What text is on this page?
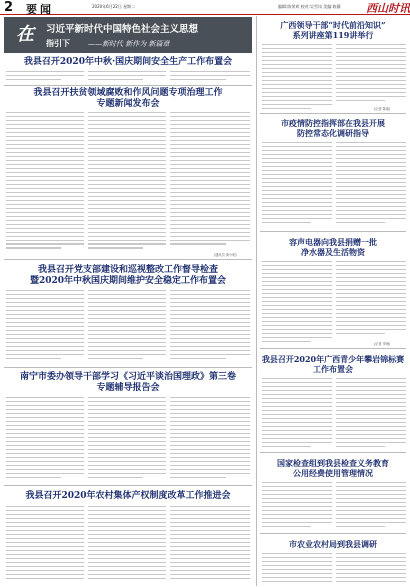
2 要闻	2020年6月22日 星期二	编辑:陈荣欢 校对:吴雪凤 美编:陈静 西山时讯
在 习近平新时代中国特色社会主义思想
指引下	——新时代 新作为 新篇章
我县召开2020年中秋·国庆期间安全生产工作布置会
我县召开扶贫领域腐败和作风问题专项治理工作
专题新闻发布会
(通讯员 黄小明)
我县召开党支部建设和巡视整改工作督导检查
暨2020年中秋国庆期间维护安全稳定工作布置会
南宁市委办领导干部学习《习近平谈治国理政》第三卷
专题辅导报告会
我县召开2020年农村集体产权制度改革工作推进会
广西领导干部“时代前沿知识”
系列讲座第119讲举行
(记者 陈丽)
市疫情防控指挥部在我县开展
防控常态化调研指导
容声电器向我县捐赠一批
净水器及生活物资
(记者 李海)
我县召开2020年广西青少年攀岩锦标赛
工作布置会
国家检查组到我县检查义务教育
公用经费使用管理情况
市农业农村局到我县调研
